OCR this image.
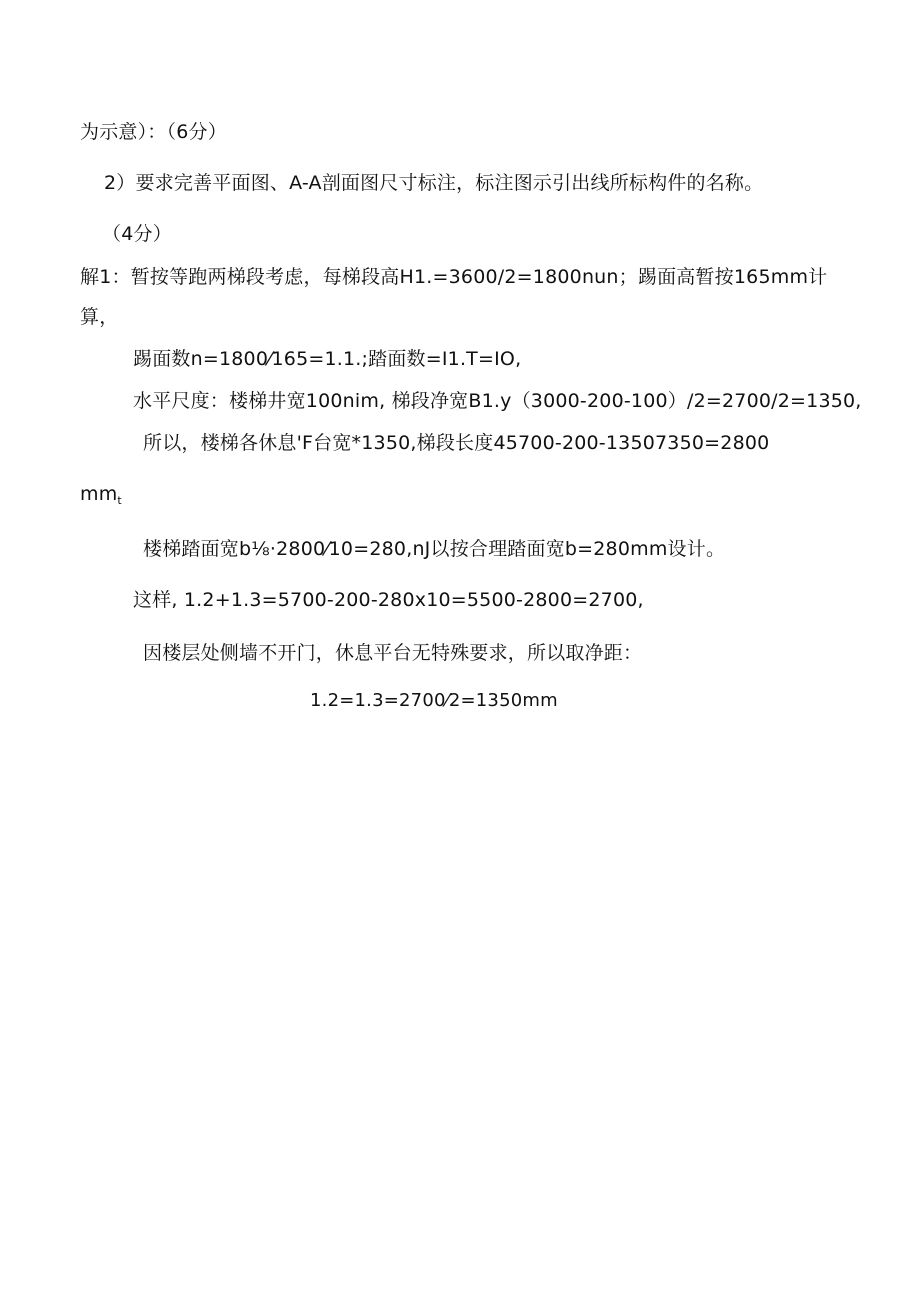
为示意）：（6分）
2）要求完善平面图、A-A剖面图尺寸标注，标注图示引出线所标构件的名称。
（4分）
解1：暂按等跑两梯段考虑，每梯段高H1.=3600/2=1800nun；踢面高暂按165mm计
算，
踢面数n=1800⁄165=1.1.;踏面数=I1.T=IO,
水平尺度：楼梯井宽100nim, 梯段净宽B1.y（3000-200-100）/2=2700/2=1350,
所以，楼梯各休息'F台宽*1350,梯段长度45700-200-13507350=2800
$mm_t$
楼梯踏面宽b⅛·2800⁄10=280,nJ以按合理踏面宽b=280mm设计。
这样, 1.2+1.3=5700-200-280x10=5500-2800=2700,
因楼层处侧墙不开门，休息平台无特殊要求，所以取净距：
1.2=1.3=2700⁄2=1350mm
